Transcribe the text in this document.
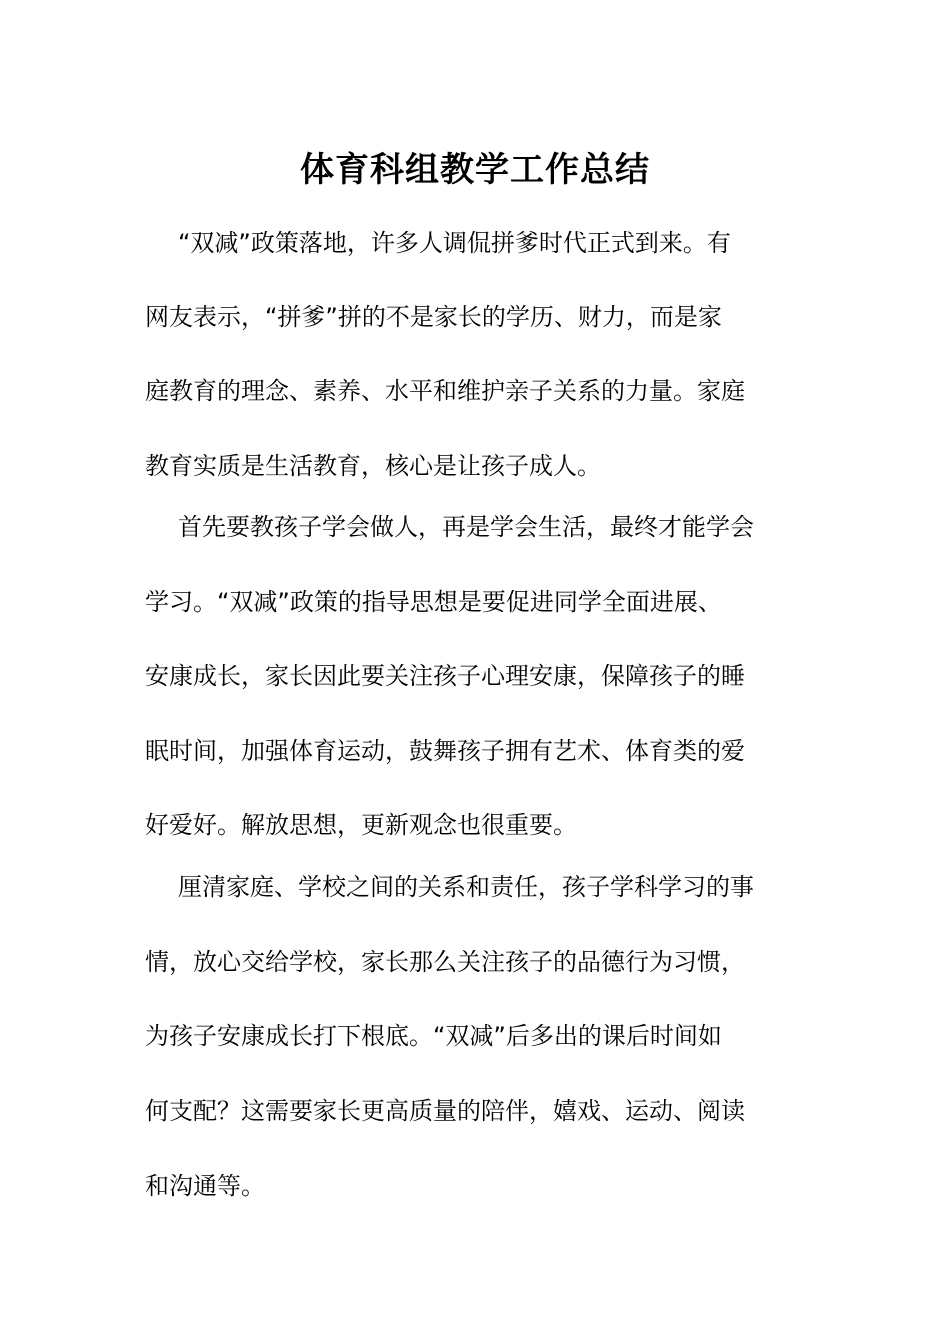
体育科组教学工作总结
“双减”政策落地，许多人调侃拼爹时代正式到来。有
网友表示，“拼爹”拼的不是家长的学历、财力，而是家
庭教育的理念、素养、水平和维护亲子关系的力量。家庭
教育实质是生活教育，核心是让孩子成人。
首先要教孩子学会做人，再是学会生活，最终才能学会
学习。“双减”政策的指导思想是要促进同学全面进展、
安康成长，家长因此要关注孩子心理安康，保障孩子的睡
眠时间，加强体育运动，鼓舞孩子拥有艺术、体育类的爱
好爱好。解放思想，更新观念也很重要。
厘清家庭、学校之间的关系和责任，孩子学科学习的事
情，放心交给学校，家长那么关注孩子的品德行为习惯，
为孩子安康成长打下根底。“双减”后多出的课后时间如
何支配？这需要家长更高质量的陪伴，嬉戏、运动、阅读
和沟通等。
